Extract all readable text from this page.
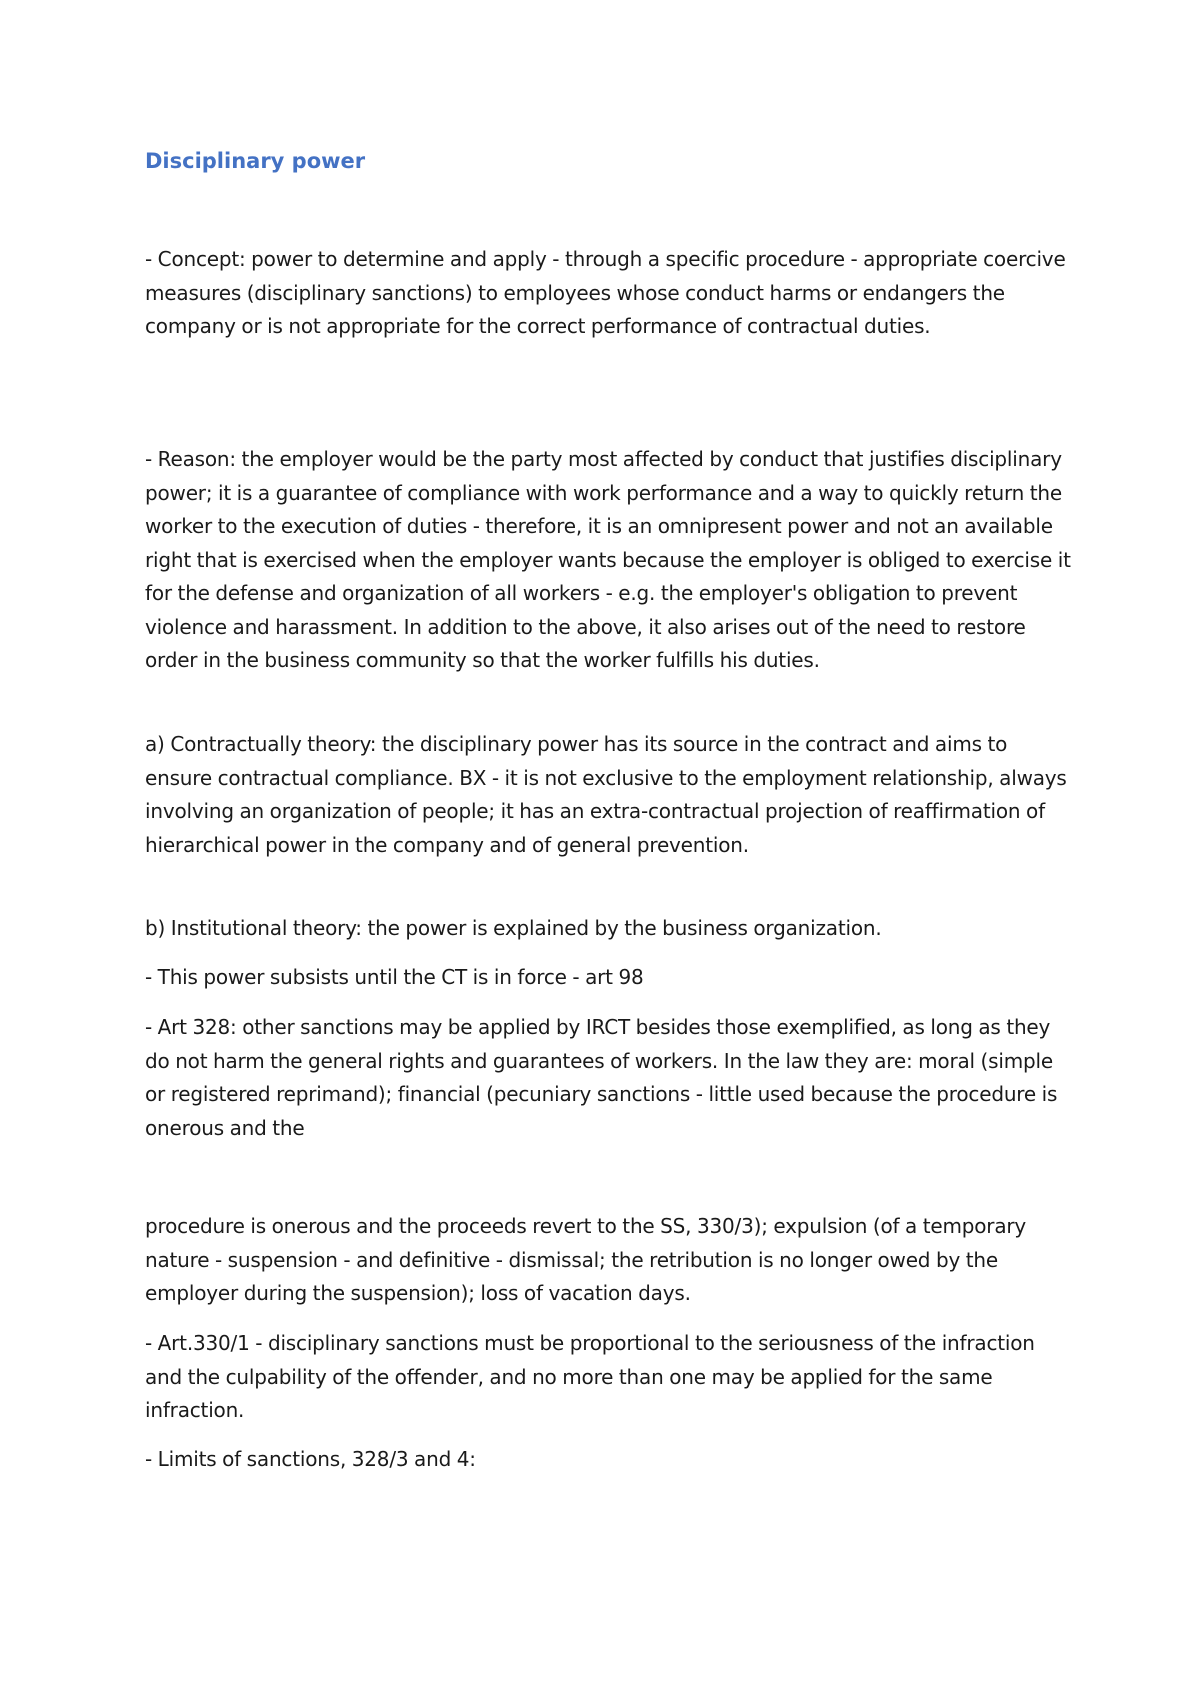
Disciplinary power

- Concept: power to determine and apply - through a specific procedure - appropriate coercive measures (disciplinary sanctions) to employees whose conduct harms or endangers the company or is not appropriate for the correct performance of contractual duties.

- Reason: the employer would be the party most affected by conduct that justifies disciplinary power; it is a guarantee of compliance with work performance and a way to quickly return the worker to the execution of duties - therefore, it is an omnipresent power and not an available right that is exercised when the employer wants because the employer is obliged to exercise it for the defense and organization of all workers - e.g. the employer's obligation to prevent violence and harassment. In addition to the above, it also arises out of the need to restore order in the business community so that the worker fulfills his duties.

a) Contractually theory: the disciplinary power has its source in the contract and aims to ensure contractual compliance. BX - it is not exclusive to the employment relationship, always involving an organization of people; it has an extra-contractual projection of reaffirmation of hierarchical power in the company and of general prevention.

b) Institutional theory: the power is explained by the business organization.

- This power subsists until the CT is in force - art 98

- Art 328: other sanctions may be applied by IRCT besides those exemplified, as long as they do not harm the general rights and guarantees of workers. In the law they are: moral (simple or registered reprimand); financial (pecuniary sanctions - little used because the procedure is onerous and the

procedure is onerous and the proceeds revert to the SS, 330/3); expulsion (of a temporary nature - suspension - and definitive - dismissal; the retribution is no longer owed by the employer during the suspension); loss of vacation days.

- Art.330/1 - disciplinary sanctions must be proportional to the seriousness of the infraction and the culpability of the offender, and no more than one may be applied for the same infraction.

- Limits of sanctions, 328/3 and 4:
